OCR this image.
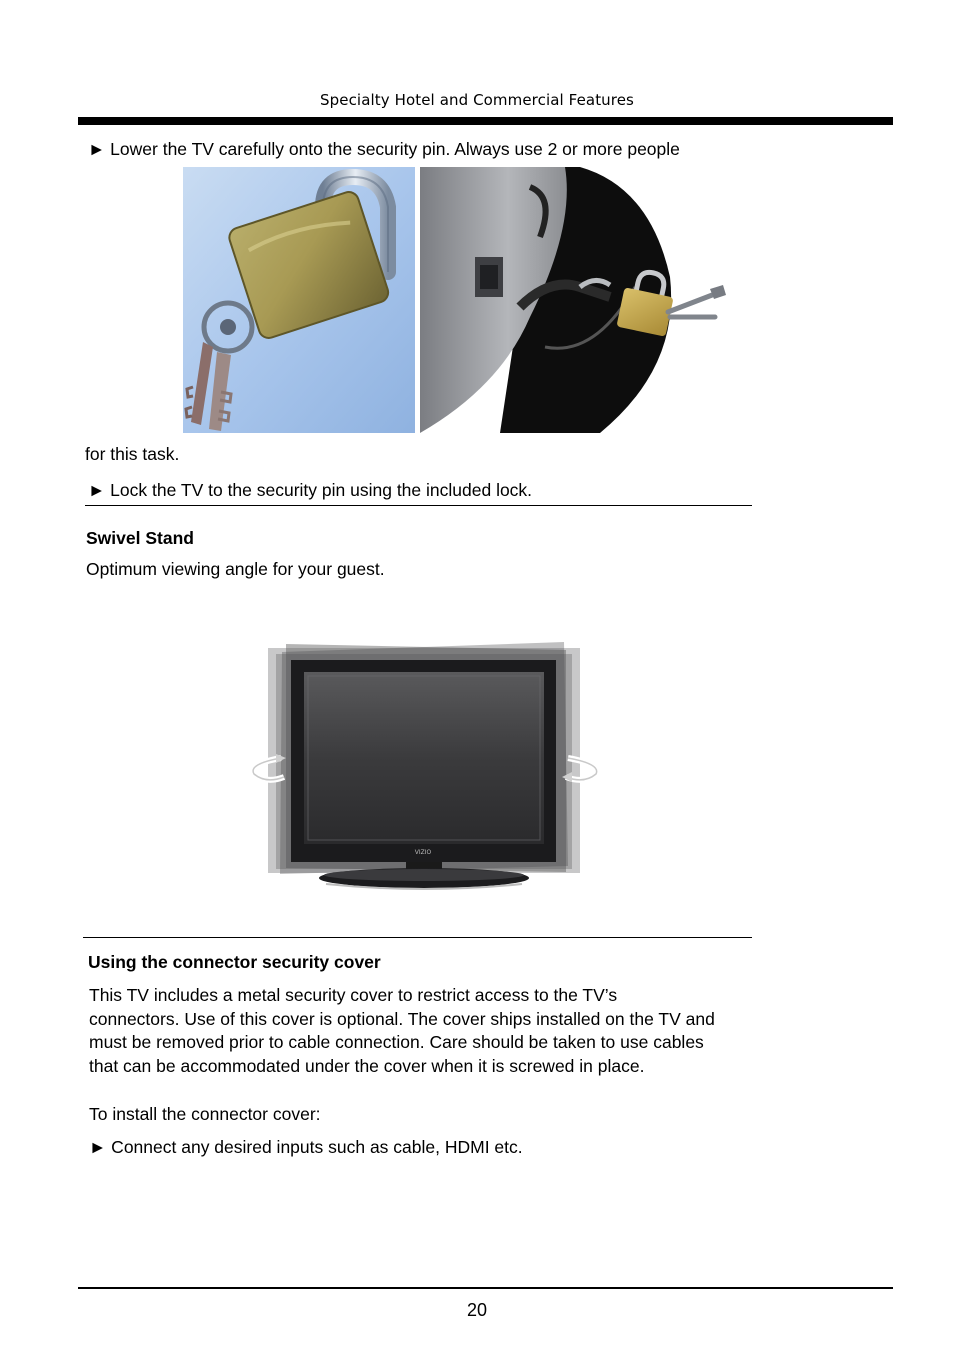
Specialty Hotel and Commercial Features
► Lower the TV carefully onto the security pin. Always use 2 or more people
for this task.
► Lock the TV to the security pin using the included lock.
Swivel Stand
Optimum viewing angle for your guest.
VIZIO
Using the connector security cover
This TV includes a metal security cover to restrict access to the TV’s
connectors. Use of this cover is optional. The cover ships installed on the TV and
must be removed prior to cable connection. Care should be taken to use cables
that can be accommodated under the cover when it is screwed in place.
To install the connector cover:
► Connect any desired inputs such as cable, HDMI etc.
20
